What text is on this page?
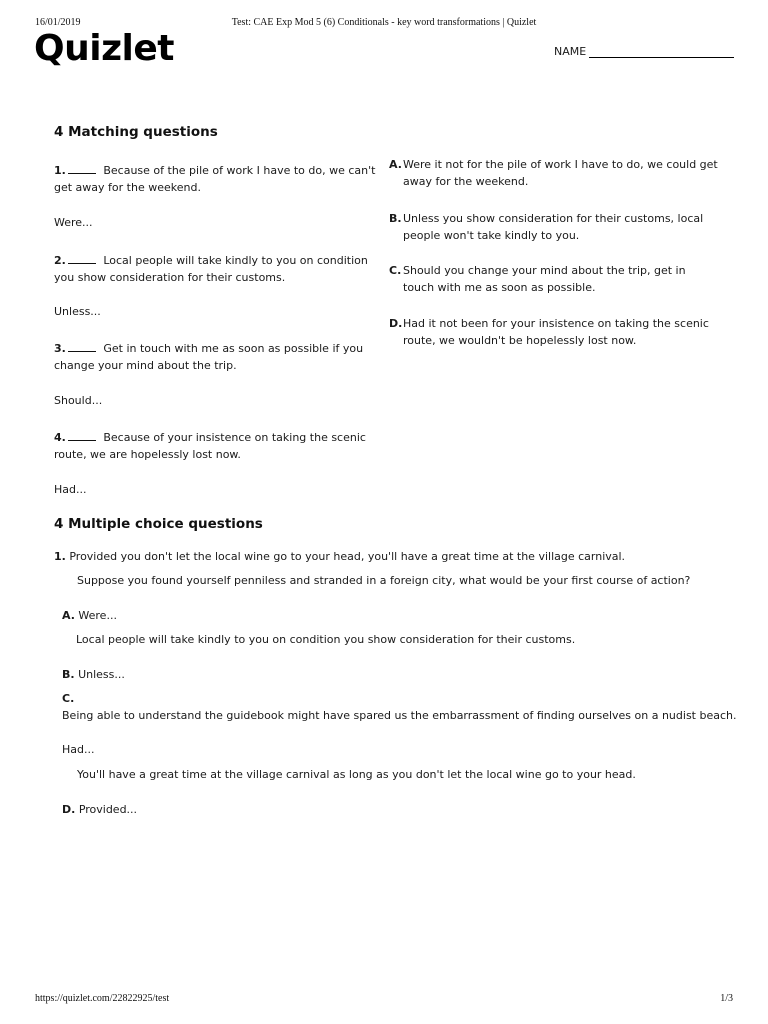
16/01/2019	Test: CAE Exp Mod 5 (6) Conditionals - key word transformations | Quizlet
Quizlet	NAME
4 Matching questions
1.	Because of the pile of work I have to do, we can't get away for the weekend.
Were...
2.	Local people will take kindly to you on condition you show consideration for their customs.
Unless...
3.	Get in touch with me as soon as possible if you change your mind about the trip.
Should...
4.	Because of your insistence on taking the scenic route, we are hopelessly lost now.
Had...
A. Were it not for the pile of work I have to do, we could get away for the weekend.
B. Unless you show consideration for their customs, local people won't take kindly to you.
C. Should you change your mind about the trip, get in touch with me as soon as possible.
D. Had it not been for your insistence on taking the scenic route, we wouldn't be hopelessly lost now.
4 Multiple choice questions
1. Provided you don't let the local wine go to your head, you'll have a great time at the village carnival.
Suppose you found yourself penniless and stranded in a foreign city, what would be your first course of action?
A. Were...
Local people will take kindly to you on condition you show consideration for their customs.
B. Unless...
C.
Being able to understand the guidebook might have spared us the embarrassment of finding ourselves on a nudist beach.
Had...
You'll have a great time at the village carnival as long as you don't let the local wine go to your head.
D. Provided...
https://quizlet.com/22822925/test	1/3
